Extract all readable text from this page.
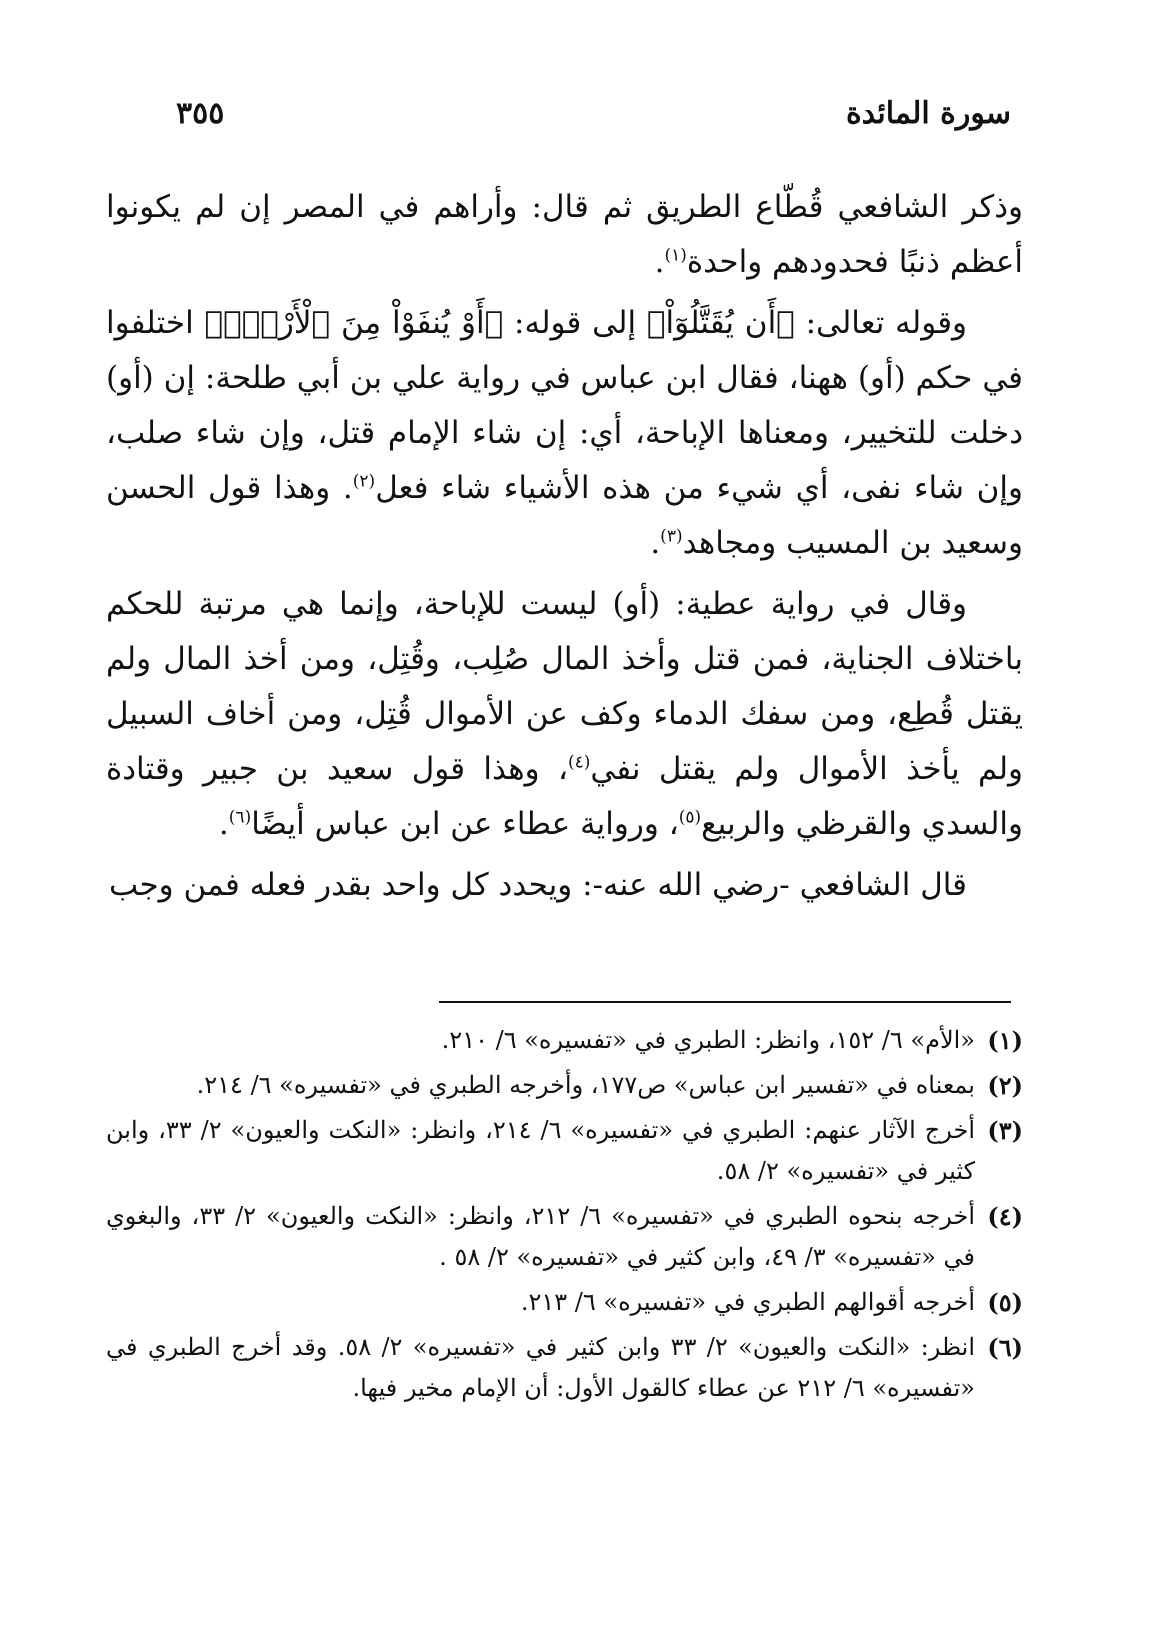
سورة المائدة
٣٥٥

وذكر الشافعي قُطّاع الطريق ثم قال: وأراهم في المصر إن لم يكونوا أعظم ذنبًا فحدودهم واحدة$^{(١)}$.

وقوله تعالى: ﴿أَن يُقَتَّلُوٓاْ﴾ إلى قوله: ﴿أَوْ يُنفَوْاْ مِنَ ٱلْأَرْضِۚ﴾ اختلفوا في حكم (أو) ههنا، فقال ابن عباس في رواية علي بن أبي طلحة: إن (أو) دخلت للتخيير، ومعناها الإباحة، أي: إن شاء الإمام قتل، وإن شاء صلب، وإن شاء نفى، أي شيء من هذه الأشياء شاء فعل$^{(٢)}$. وهذا قول الحسن وسعيد بن المسيب ومجاهد$^{(٣)}$.

وقال في رواية عطية: (أو) ليست للإباحة، وإنما هي مرتبة للحكم باختلاف الجناية، فمن قتل وأخذ المال صُلِب، وقُتِل، ومن أخذ المال ولم يقتل قُطِع، ومن سفك الدماء وكف عن الأموال قُتِل، ومن أخاف السبيل ولم يأخذ الأموال ولم يقتل نفي$^{(٤)}$، وهذا قول سعيد بن جبير وقتادة والسدي والقرظي والربيع$^{(٥)}$، ورواية عطاء عن ابن عباس أيضًا$^{(٦)}$.

قال الشافعي -رضي الله عنه-: ويحدد كل واحد بقدر فعله فمن وجب

(١)
«الأم» ٦/ ١٥٢، وانظر: الطبري في «تفسيره» ٦/ ٢١٠.
(٢)
بمعناه في «تفسير ابن عباس» ص١٧٧، وأخرجه الطبري في «تفسيره» ٦/ ٢١٤.
(٣)
أخرج الآثار عنهم: الطبري في «تفسيره» ٦/ ٢١٤، وانظر: «النكت والعيون» ٢/ ٣٣، وابن كثير في «تفسيره» ٢/ ٥٨.
(٤)
أخرجه بنحوه الطبري في «تفسيره» ٦/ ٢١٢، وانظر: «النكت والعيون» ٢/ ٣٣، والبغوي في «تفسيره» ٣/ ٤٩، وابن كثير في «تفسيره» ٢/ ٥٨ .
(٥)
أخرجه أقوالهم الطبري في «تفسيره» ٦/ ٢١٣.
(٦)
انظر: «النكت والعيون» ٢/ ٣٣ وابن كثير في «تفسيره» ٢/ ٥٨. وقد أخرج الطبري في «تفسيره» ٦/ ٢١٢ عن عطاء كالقول الأول: أن الإمام مخير فيها.
